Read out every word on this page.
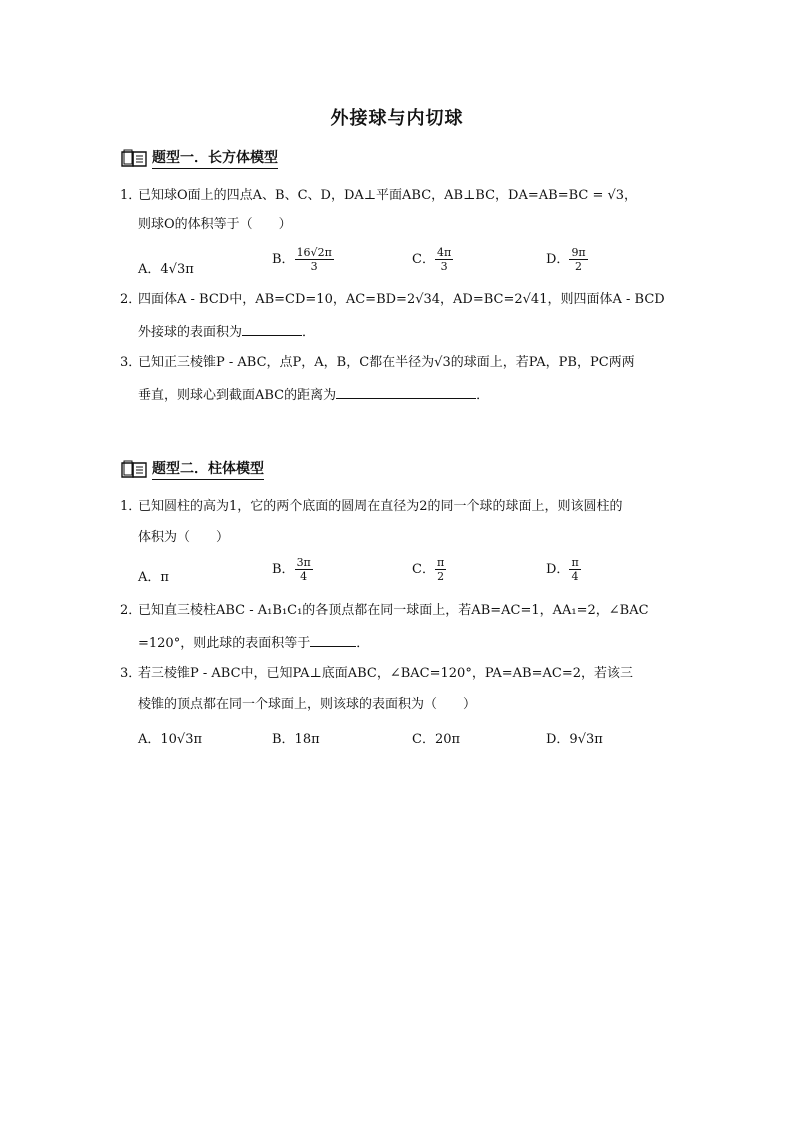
外接球与内切球
题型一．长方体模型
1．已知球O面上的四点A、B、C、D，DA⊥平面ABC，AB⊥BC，DA=AB=BC = √3，
则球O的体积等于（　　）
A．4√3π
B． $\frac{16√2\pi}{3}$	C． $\frac{4\pi}{3}$	D． $\frac{9\pi}{2}$
2．四面体A - BCD中，AB=CD=10，AC=BD=2√34，AD=BC=2√41，则四面体A - BCD
外接球的表面积为	．
3．已知正三棱锥P - ABC，点P，A，B，C都在半径为√3的球面上，若PA，PB，PC两两
垂直，则球心到截面ABC的距离为	．
题型二．柱体模型
1．已知圆柱的高为1，它的两个底面的圆周在直径为2的同一个球的球面上，则该圆柱的
体积为（　　）
A．π
B． $\frac{3\pi}{4}$	C． $\frac{\pi}{2}$	D． $\frac{\pi}{4}$
2．已知直三棱柱ABC - A₁B₁C₁的各顶点都在同一球面上，若AB=AC=1，AA₁=2，∠BAC
=120°，则此球的表面积等于	．
3．若三棱锥P - ABC中，已知PA⊥底面ABC，∠BAC=120°，PA=AB=AC=2，若该三
棱锥的顶点都在同一个球面上，则该球的表面积为（　　）
A．10√3π	B．18π	C．20π	D．9√3π
